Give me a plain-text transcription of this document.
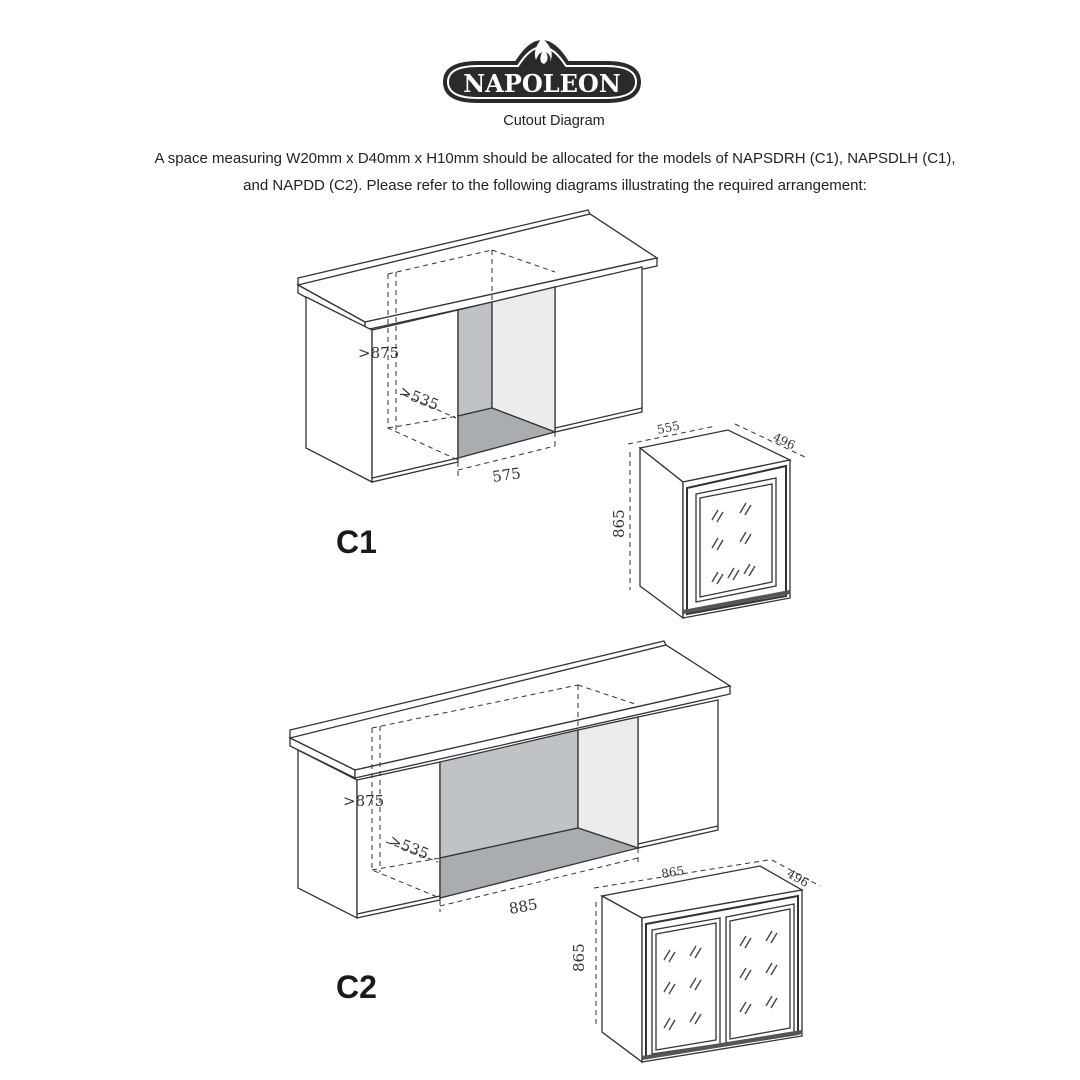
NAPOLEON
Cutout Diagram
A space measuring W20mm x D40mm x H10mm should be allocated for the models of NAPSDRH (C1), NAPSDLH (C1),
and NAPDD (C2). Please refer to the following diagrams illustrating the required arrangement:
>875
>535
575
C1
555
496
865
>875
>535
885
C2
865	496
865
